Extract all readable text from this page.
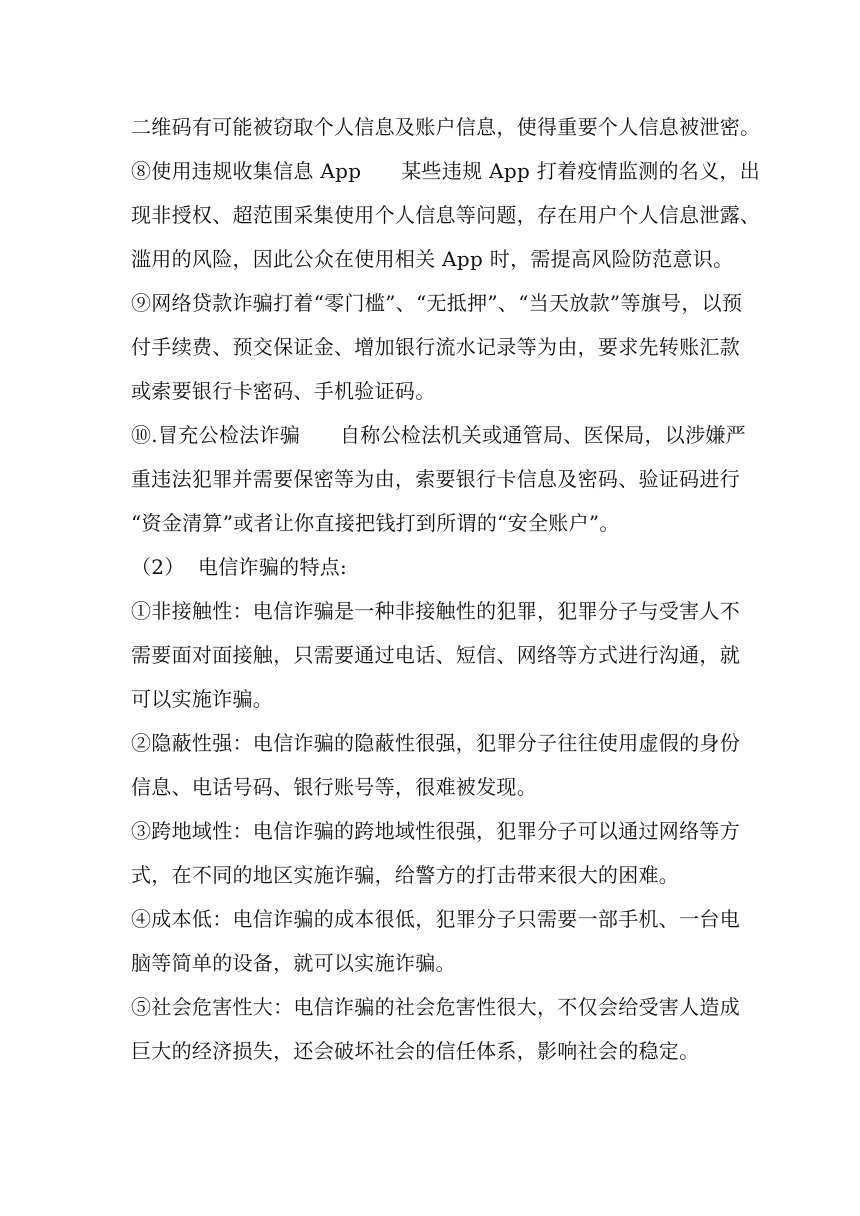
二维码有可能被窃取个人信息及账户信息，使得重要个人信息被泄密。
⑧使用违规收集信息 App      某些违规 App 打着疫情监测的名义，出
现非授权、超范围采集使用个人信息等问题，存在用户个人信息泄露、
滥用的风险，因此公众在使用相关 App 时，需提高风险防范意识。
⑨网络贷款诈骗打着“零门槛”、“无抵押”、“当天放款”等旗号，以预
付手续费、预交保证金、增加银行流水记录等为由，要求先转账汇款
或索要银行卡密码、手机验证码。
⑩.冒充公检法诈骗      自称公检法机关或通管局、医保局，以涉嫌严
重违法犯罪并需要保密等为由，索要银行卡信息及密码、验证码进行
“资金清算”或者让你直接把钱打到所谓的“安全账户”。
（2）  电信诈骗的特点:
①非接触性：电信诈骗是一种非接触性的犯罪，犯罪分子与受害人不
需要面对面接触，只需要通过电话、短信、网络等方式进行沟通，就
可以实施诈骗。
②隐蔽性强：电信诈骗的隐蔽性很强，犯罪分子往往使用虚假的身份
信息、电话号码、银行账号等，很难被发现。
③跨地域性：电信诈骗的跨地域性很强，犯罪分子可以通过网络等方
式，在不同的地区实施诈骗，给警方的打击带来很大的困难。
④成本低：电信诈骗的成本很低，犯罪分子只需要一部手机、一台电
脑等简单的设备，就可以实施诈骗。
⑤社会危害性大：电信诈骗的社会危害性很大，不仅会给受害人造成
巨大的经济损失，还会破坏社会的信任体系，影响社会的稳定。
